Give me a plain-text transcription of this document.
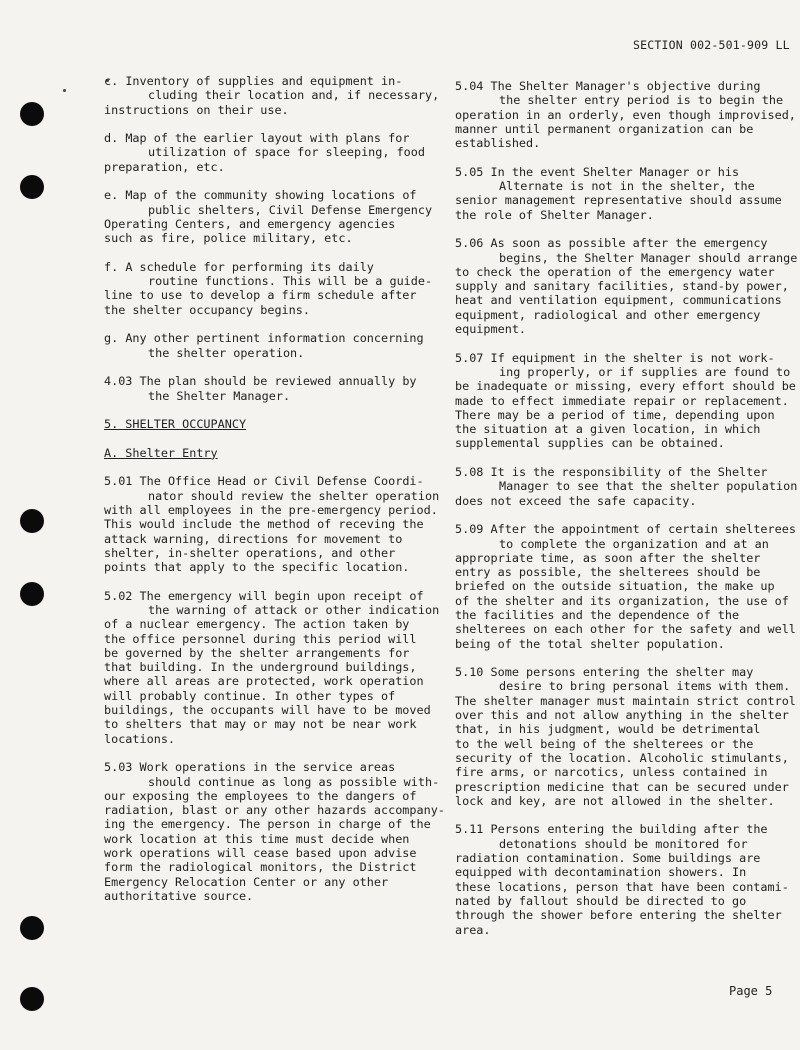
SECTION 002-501-909 LL
c. Inventory of supplies and equipment in-
cluding their location and, if necessary,
instructions on their use.
d. Map of the earlier layout with plans for
utilization of space for sleeping, food
preparation, etc.
e. Map of the community showing locations of
public shelters, Civil Defense Emergency
Operating Centers, and emergency agencies
such as fire, police military, etc.
f. A schedule for performing its daily
routine functions. This will be a guide-
line to use to develop a firm schedule after
the shelter occupancy begins.
g. Any other pertinent information concerning
the shelter operation.
4.03 The plan should be reviewed annually by
the Shelter Manager.
5. SHELTER OCCUPANCY
A. Shelter Entry
5.01 The Office Head or Civil Defense Coordi-
nator should review the shelter operation
with all employees in the pre-emergency period.
This would include the method of receving the
attack warning, directions for movement to
shelter, in-shelter operations, and other
points that apply to the specific location.
5.02 The emergency will begin upon receipt of
the warning of attack or other indication
of a nuclear emergency. The action taken by
the office personnel during this period will
be governed by the shelter arrangements for
that building. In the underground buildings,
where all areas are protected, work operation
will probably continue. In other types of
buildings, the occupants will have to be moved
to shelters that may or may not be near work
locations.
5.03 Work operations in the service areas
should continue as long as possible with-
our exposing the employees to the dangers of
radiation, blast or any other hazards accompany-
ing the emergency. The person in charge of the
work location at this time must decide when
work operations will cease based upon advise
form the radiological monitors, the District
Emergency Relocation Center or any other
authoritative source.
5.04 The Shelter Manager's objective during
the shelter entry period is to begin the
operation in an orderly, even though improvised,
manner until permanent organization can be
established.
5.05 In the event Shelter Manager or his
Alternate is not in the shelter, the
senior management representative should assume
the role of Shelter Manager.
5.06 As soon as possible after the emergency
begins, the Shelter Manager should arrange
to check the operation of the emergency water
supply and sanitary facilities, stand-by power,
heat and ventilation equipment, communications
equipment, radiological and other emergency
equipment.
5.07 If equipment in the shelter is not work-
ing properly, or if supplies are found to
be inadequate or missing, every effort should be
made to effect immediate repair or replacement.
There may be a period of time, depending upon
the situation at a given location, in which
supplemental supplies can be obtained.
5.08 It is the responsibility of the Shelter
Manager to see that the shelter population
does not exceed the safe capacity.
5.09 After the appointment of certain shelterees
to complete the organization and at an
appropriate time, as soon after the shelter
entry as possible, the shelterees should be
briefed on the outside situation, the make up
of the shelter and its organization, the use of
the facilities and the dependence of the
shelterees on each other for the safety and well
being of the total shelter population.
5.10 Some persons entering the shelter may
desire to bring personal items with them.
The shelter manager must maintain strict control
over this and not allow anything in the shelter
that, in his judgment, would be detrimental
to the well being of the shelterees or the
security of the location. Alcoholic stimulants,
fire arms, or narcotics, unless contained in
prescription medicine that can be secured under
lock and key, are not allowed in the shelter.
5.11 Persons entering the building after the
detonations should be monitored for
radiation contamination. Some buildings are
equipped with decontamination showers. In
these locations, person that have been contami-
nated by fallout should be directed to go
through the shower before entering the shelter
area.
Page 5
